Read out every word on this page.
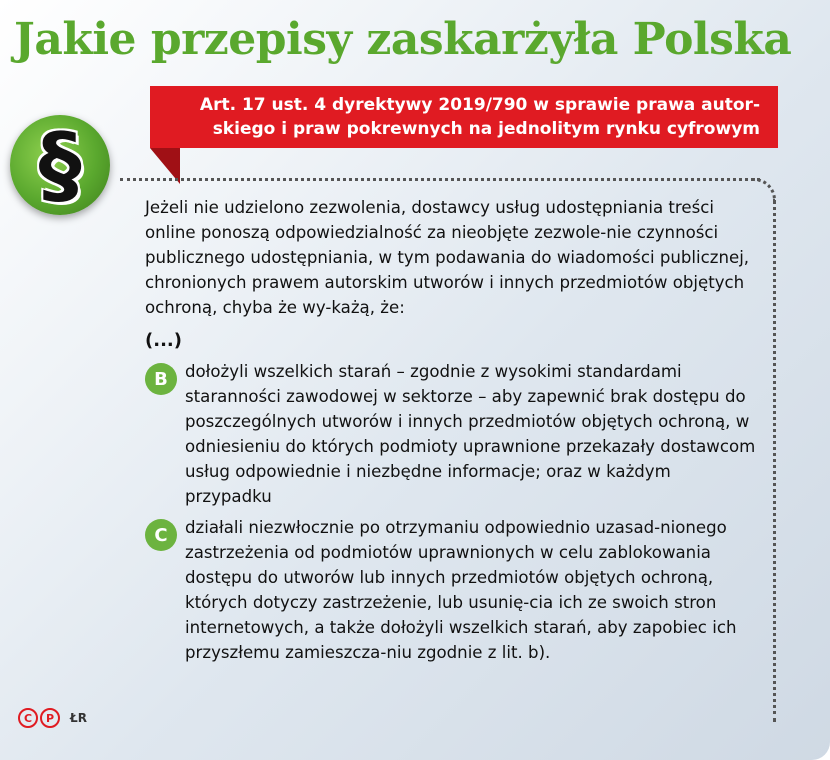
Jakie przepisy zaskarżyła Polska
Art. 17 ust. 4 dyrektywy 2019/790 w sprawie prawa autor-
skiego i praw pokrewnych na jednolitym rynku cyfrowym
§	Jeżeli nie udzielono zezwolenia, dostawcy usług udostępniania treści online ponoszą odpowiedzialność za nieobjęte zezwole-nie czynności publicznego udostępniania, w tym podawania do wiadomości publicznej, chronionych prawem autorskim utworów i innych przedmiotów objętych ochroną, chyba że wy-każą, że:

(...)
B	dołożyli wszelkich starań – zgodnie z wysokimi standardami staranności zawodowej w sektorze – aby zapewnić brak dostępu do poszczególnych utworów i innych przedmiotów objętych ochroną, w odniesieniu do których podmioty uprawnione przekazały dostawcom usług odpowiednie i niezbędne informacje; oraz w każdym przypadku

C	działali niezwłocznie po otrzymaniu odpowiednio uzasad-nionego zastrzeżenia od podmiotów uprawnionych w celu zablokowania dostępu do utworów lub innych przedmiotów objętych ochroną, których dotyczy zastrzeżenie, lub usunię-cia ich ze swoich stron internetowych, a także dołożyli wszelkich starań, aby zapobiec ich przyszłemu zamieszcza-niu zgodnie z lit. b).

C	P	ŁR
